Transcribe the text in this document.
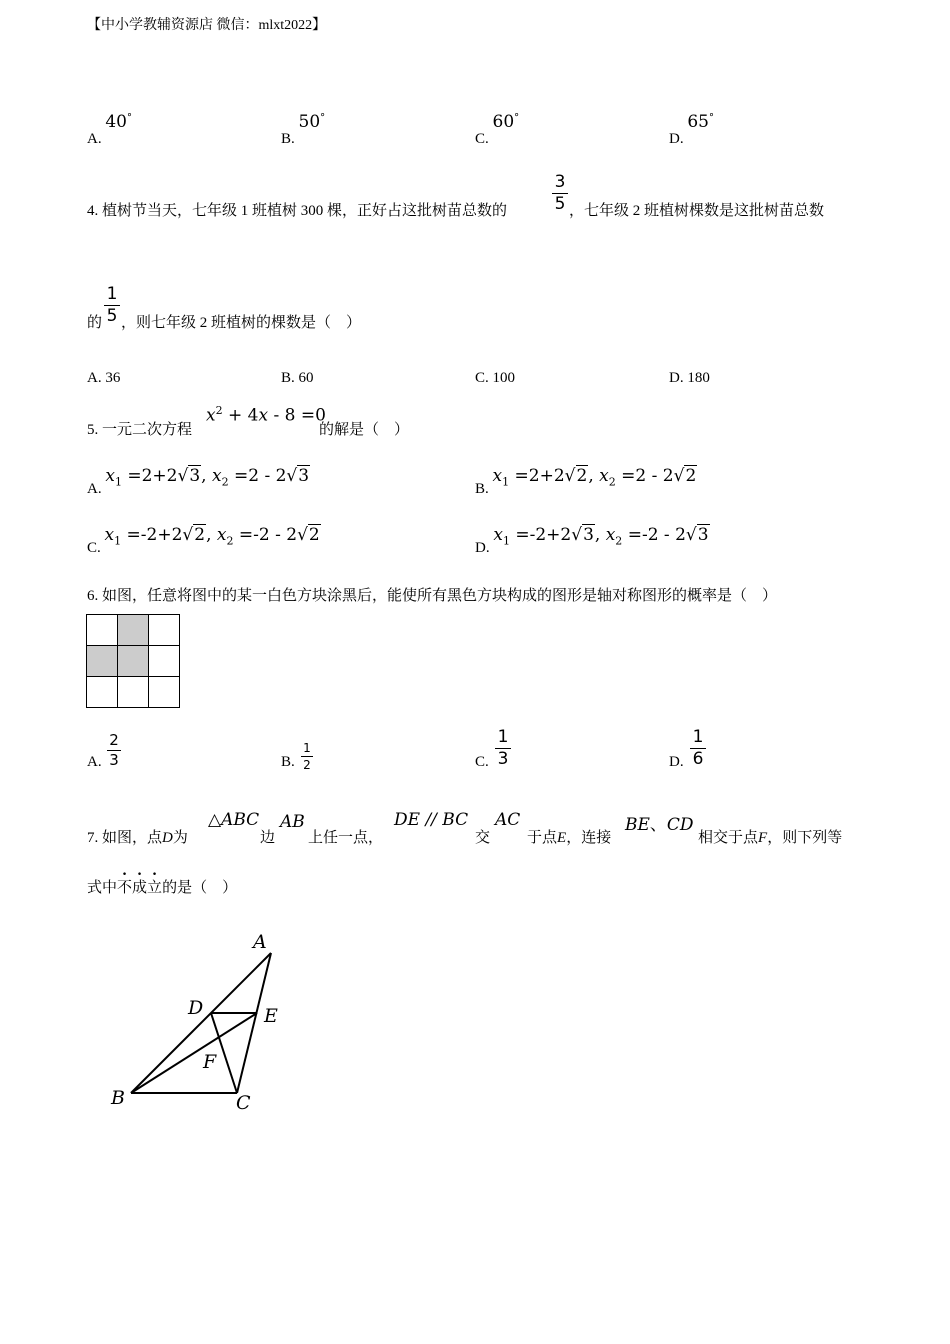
【中小学教辅资源店 微信：mlxt2022】
A. 40°
B. 50°
C. 60°
D. 65°
4. 植树节当天，七年级 1 班植树 300 棵，正好占这批树苗总数的
3
5 ，七年级 2 班植树棵数是这批树苗总数
的
1
5 ，则七年级 2 班植树的棵数是（　）
A. 36	B. 60	C. 100	D. 180
5. 一元二次方程
$x^2 + 4x - 8 =0$
的解是（　）
A. $x_1 =2+2√3$, $x_2 =2 - 2√3$
B. $x_1 =2+2√2$, $x_2 =2 - 2√2$
C. $x_1 =-2+2√2$, $x_2 =-2 - 2√2$
D. $x_1 =-2+2√3$, $x_2 =-2 - 2√3$
6. 如图，任意将图中的某一白色方块涂黑后，能使所有黑色方块构成的图形是轴对称图形的概率是（　）

A.
2
3	B.
1
2	C.
1
3	D.
1
6
7. 如图，点D为
△ABC
边
AB
上任一点，
DE // BC
交
AC
于点E，连接
BE、CD
相交于点F，则下列等
式中不成立的是（　）
A
D	E
F
B	C
